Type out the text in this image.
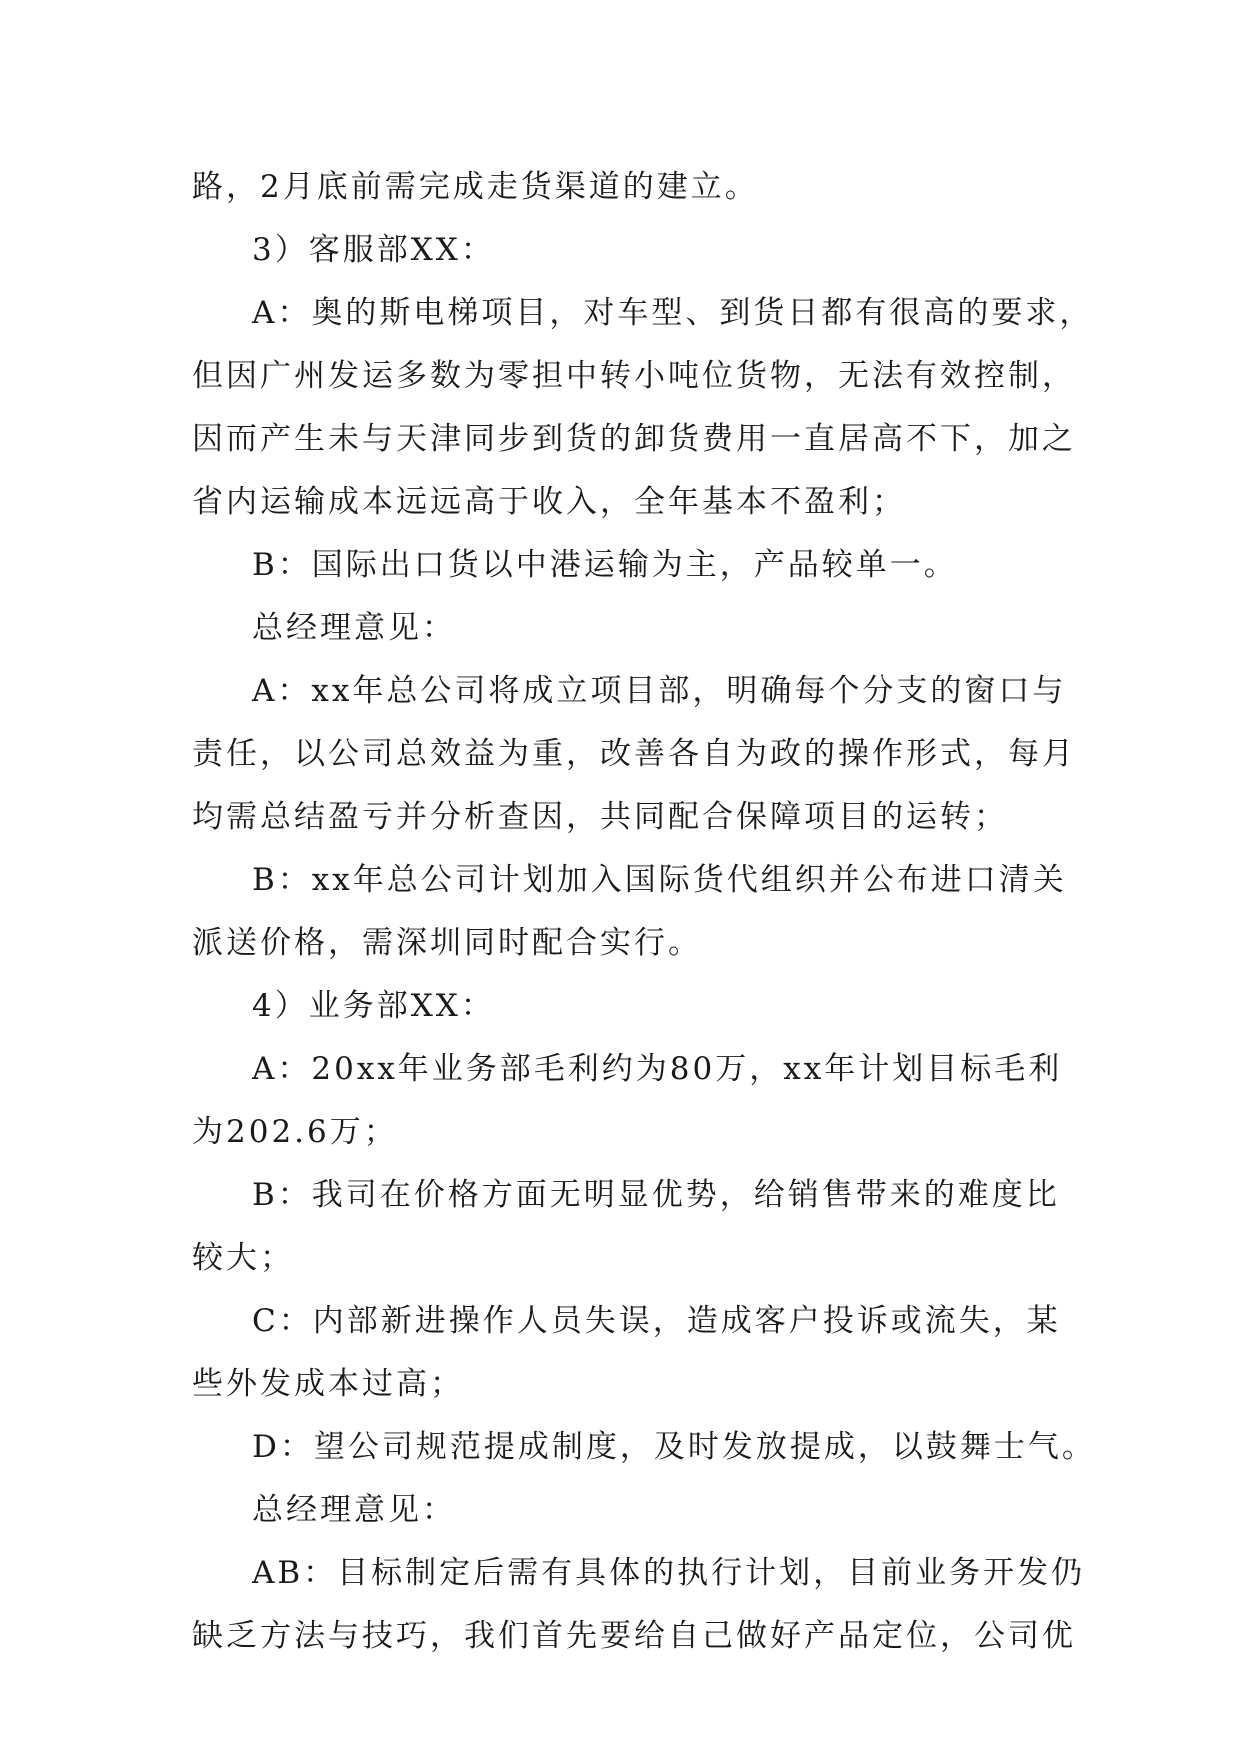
路，2月底前需完成走货渠道的建立。
3）客服部XX：
A：奥的斯电梯项目，对车型、到货日都有很高的要求，
但因广州发运多数为零担中转小吨位货物，无法有效控制，
因而产生未与天津同步到货的卸货费用一直居高不下，加之
省内运输成本远远高于收入，全年基本不盈利；
B：国际出口货以中港运输为主，产品较单一。
总经理意见：
A：xx年总公司将成立项目部，明确每个分支的窗口与
责任，以公司总效益为重，改善各自为政的操作形式，每月
均需总结盈亏并分析查因，共同配合保障项目的运转；
B：xx年总公司计划加入国际货代组织并公布进口清关
派送价格，需深圳同时配合实行。
4）业务部XX：
A：20xx年业务部毛利约为80万，xx年计划目标毛利
为202.6万；
B：我司在价格方面无明显优势，给销售带来的难度比
较大；
C：内部新进操作人员失误，造成客户投诉或流失，某
些外发成本过高；
D：望公司规范提成制度，及时发放提成，以鼓舞士气。
总经理意见：
AB：目标制定后需有具体的执行计划，目前业务开发仍
缺乏方法与技巧，我们首先要给自己做好产品定位，公司优
